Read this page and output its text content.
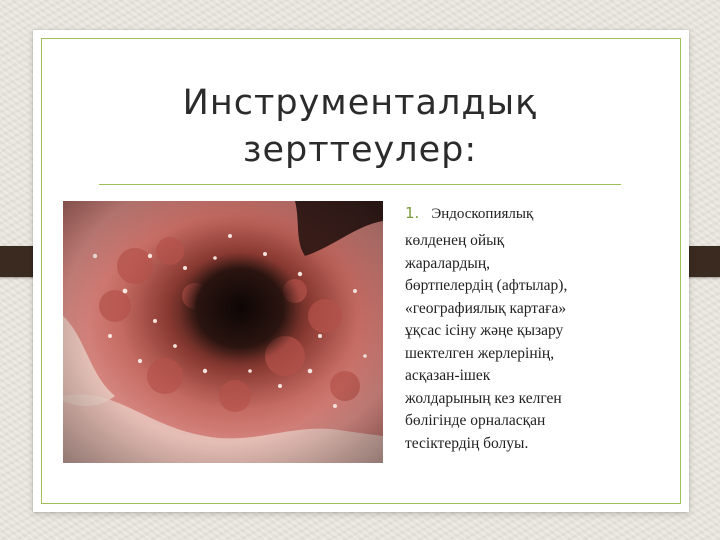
Инструменталдық
зерттеулер:
1. Эндоскопиялық

көлденең ойық
жаралардың,
бөртпелердің (афтылар),
«географиялық картаға»
ұқсас ісіну жәңе қызару
шектелген жерлерінің,
асқазан-ішек
жолдарының кез келген
бөлігінде орналасқан
тесіктердің болуы.
